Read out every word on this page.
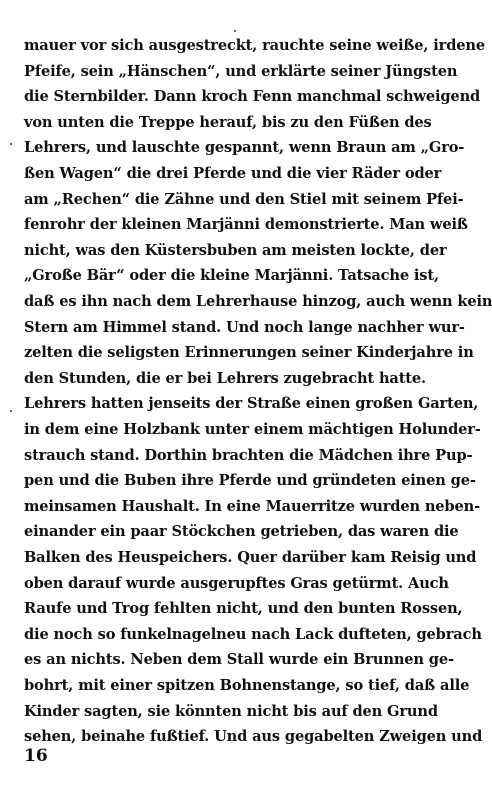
mauer vor sich ausgestreckt, rauchte seine weiße, irdene
Pfeife, sein „Hänschen“, und erklärte seiner Jüngsten
die Sternbilder. Dann kroch Fenn manchmal schweigend
von unten die Treppe herauf, bis zu den Füßen des
Lehrers, und lauschte gespannt, wenn Braun am „Gro-
ßen Wagen“ die drei Pferde und die vier Räder oder
am „Rechen“ die Zähne und den Stiel mit seinem Pfei-
fenrohr der kleinen Marjänni demonstrierte. Man weiß
nicht, was den Küstersbuben am meisten lockte, der
„Große Bär“ oder die kleine Marjänni. Tatsache ist,
daß es ihn nach dem Lehrerhause hinzog, auch wenn kein
Stern am Himmel stand. Und noch lange nachher wur-
zelten die seligsten Erinnerungen seiner Kinderjahre in
den Stunden, die er bei Lehrers zugebracht hatte.
Lehrers hatten jenseits der Straße einen großen Garten,
in dem eine Holzbank unter einem mächtigen Holunder-
strauch stand. Dorthin brachten die Mädchen ihre Pup-
pen und die Buben ihre Pferde und gründeten einen ge-
meinsamen Haushalt. In eine Mauerritze wurden neben-
einander ein paar Stöckchen getrieben, das waren die
Balken des Heuspeichers. Quer darüber kam Reisig und
oben darauf wurde ausgerupftes Gras getürmt. Auch
Raufe und Trog fehlten nicht, und den bunten Rossen,
die noch so funkelnagelneu nach Lack dufteten, gebrach
es an nichts. Neben dem Stall wurde ein Brunnen ge-
bohrt, mit einer spitzen Bohnenstange, so tief, daß alle
Kinder sagten, sie könnten nicht bis auf den Grund
sehen, beinahe fußtief. Und aus gegabelten Zweigen und
16
